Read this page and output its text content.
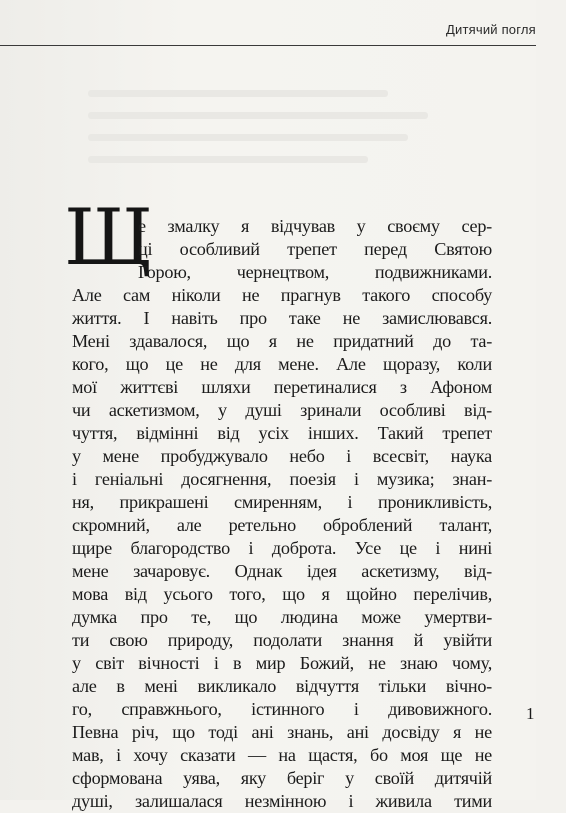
Дитячий погля
Щ
е змалку я відчував у своєму сер-
ці особливий трепет перед Святою
Горою, чернецтвом, подвижниками.
Але сам ніколи не прагнув такого способу
життя. І навіть про таке не замислювався.
Мені здавалося, що я не придатний до та-
кого, що це не для мене. Але щоразу, коли
мої життєві шляхи перетиналися з Афоном
чи аскетизмом, у душі зринали особливі від-
чуття, відмінні від усіх інших. Такий трепет
у мене пробуджувало небо і всесвіт, наука
і геніальні досягнення, поезія і музика; знан-
ня, прикрашені смиренням, і проникливість,
скромний, але ретельно оброблений талант,
щире благородство і доброта. Усе це і нині
мене зачаровує. Однак ідея аскетизму, від-
мова від усього того, що я щойно перелічив,
думка про те, що людина може умертви-
ти свою природу, подолати знання й увійти
у світ вічності і в мир Божий, не знаю чому,
але в мені викликало відчуття тільки вічно-
го, справжнього, істинного і дивовижного.
Певна річ, що тоді ані знань, ані досвіду я не
мав, і хочу сказати — на щастя, бо моя ще не
сформована уява, яку беріг у своїй дитячій
душі, залишалася незмінною і живила тими
1
